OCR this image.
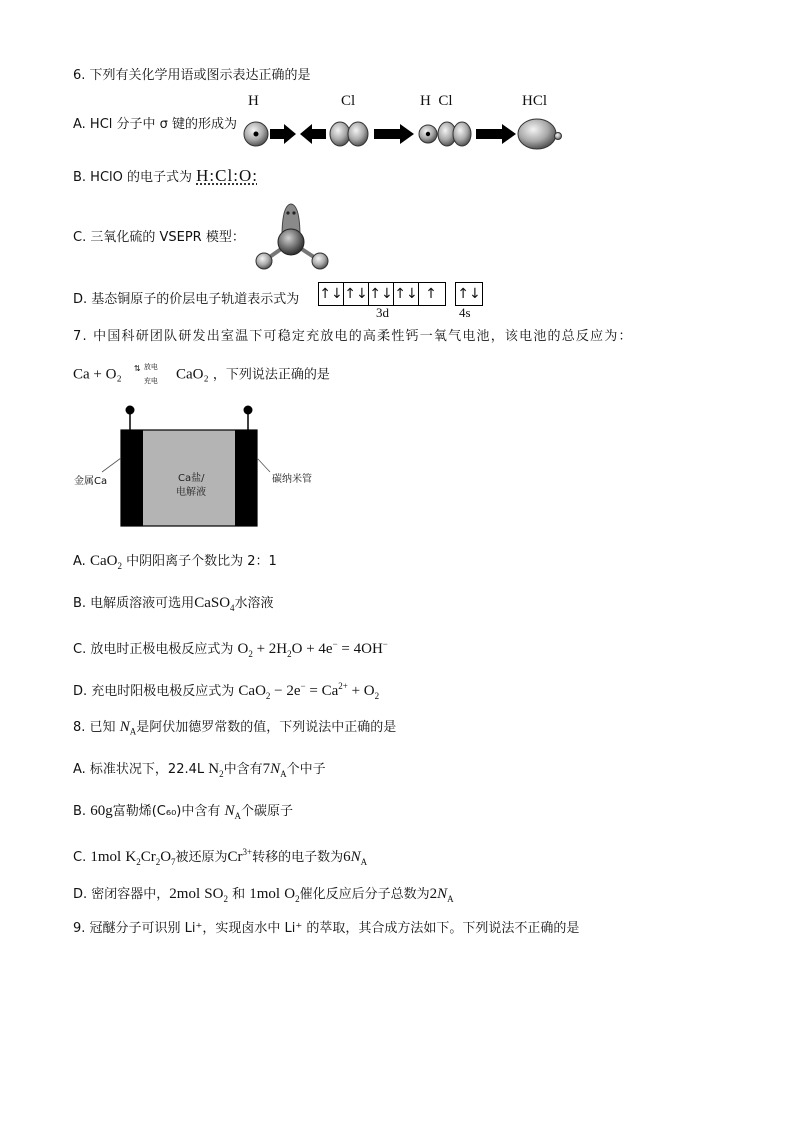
6. 下列有关化学用语或图示表达正确的是
H	Cl	H  Cl	HCl
A. HCl 分子中 σ 键的形成为
B. HClO 的电子式为 H:Cl:O:
C. 三氧化硫的 VSEPR 模型：
D. 基态铜原子的价层电子轨道表示式为 ↑↓ ↑↓ ↑↓ ↑↓ ↑	↑↓
3d	4s
7. 中国科研团队研发出室温下可稳定充放电的高柔性钙一氧气电池，该电池的总反应为：
Ca + O₂ ⇅ 放电
充电 CaO₂ ，下列说法正确的是
金属Ca	碳纳米管
Ca盐/
电解液
A. CaO$_2$ 中阴阳离子个数比为 2：1
B. 电解质溶液可选用CaSO$_4$水溶液
C. 放电时正极电极反应式为 $O_2 + 2H_2O + 4e^- = 4OH^-$
D. 充电时阳极电极反应式为 $CaO_2 - 2e^- = Ca^{2+} + O_2$
8. 已知 $N_A$是阿伏加德罗常数的值，下列说法中正确的是
A. 标准状况下，22.4L $N_2$中含有$7N_A$个中子
B. 60g富勒烯(C₆₀)中含有 $N_A$个碳原子
C. 1mol $K_2Cr_2O_7$被还原为$Cr^{3+}$转移的电子数为$6N_A$
D. 密闭容器中，2mol $SO_2$ 和 1mol $O_2$催化反应后分子总数为$2N_A$
9. 冠醚分子可识别 Li⁺，实现卤水中 Li⁺ 的萃取，其合成方法如下。下列说法不正确的是
